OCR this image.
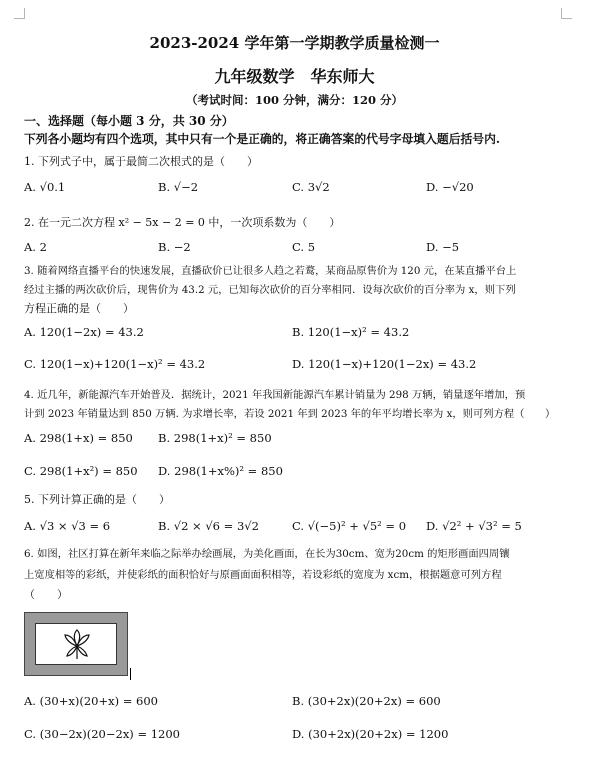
2023-2024 学年第一学期教学质量检测一
九年级数学　华东师大
（考试时间：100 分钟，满分：120 分）
一、选择题（每小题 3 分，共 30 分）
下列各小题均有四个选项，其中只有一个是正确的，将正确答案的代号字母填入题后括号内.
1. 下列式子中，属于最简二次根式的是（　　）
A. √0.1	B. √−2	C. 3√2	D. −√20
2. 在一元二次方程 x² − 5x − 2 = 0 中，一次项系数为（　　）
A. 2	B. −2	C. 5	D. −5
3. 随着网络直播平台的快速发展，直播砍价已让很多人趋之若鹜，某商品原售价为 120 元，在某直播平台上
经过主播的两次砍价后，现售价为 43.2 元，已知每次砍价的百分率相同．设每次砍价的百分率为 x，则下列
方程正确的是（　　）
A. 120(1−2x) = 43.2	B. 120(1−x)² = 43.2
C. 120(1−x)+120(1−x)² = 43.2	D. 120(1−x)+120(1−2x) = 43.2
4. 近几年，新能源汽车开始普及．据统计，2021 年我国新能源汽车累计销量为 298 万辆，销量逐年增加，预
计到 2023 年销量达到 850 万辆. 为求增长率，若设 2021 年到 2023 年的年平均增长率为 x，则可列方程（　　）
A. 298(1+x) = 850 B. 298(1+x)² = 850
C. 298(1+x²) = 850 D. 298(1+x%)² = 850
5. 下列计算正确的是（　　）
A. √3 × √3 = 6	B. √2 × √6 = 3√2	C. √(−5)² + √5² = 0 D. √2² + √3² = 5
6. 如图，社区打算在新年来临之际举办绘画展，为美化画面，在长为30cm、宽为20cm 的矩形画面四周镶
上宽度相等的彩纸，并使彩纸的面积恰好与原画面面积相等，若设彩纸的宽度为 xcm，根据题意可列方程
（　　）
A. (30+x)(20+x) = 600	B. (30+2x)(20+2x) = 600
C. (30−2x)(20−2x) = 1200	D. (30+2x)(20+2x) = 1200
